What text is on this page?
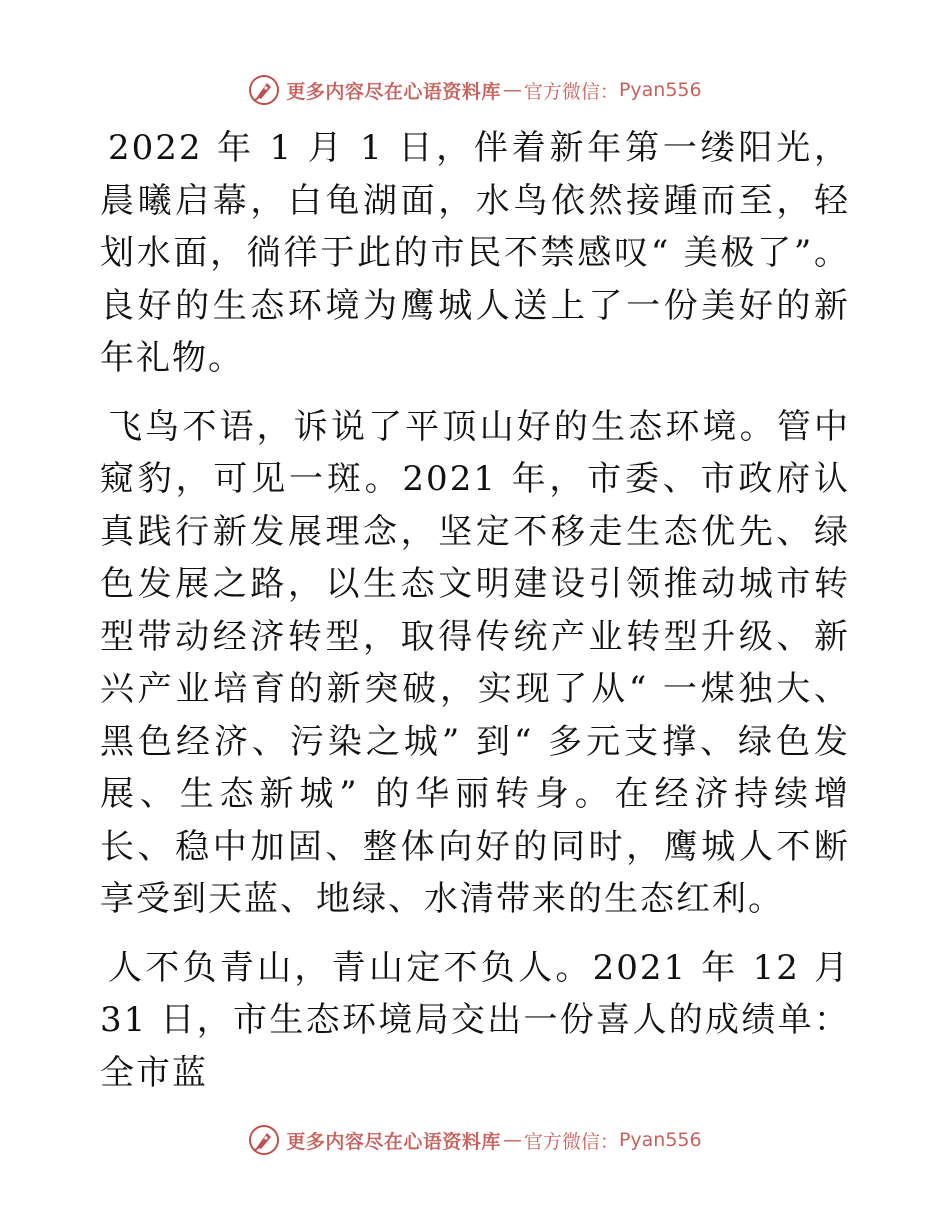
更多内容尽在心语资料库 — 官方微信： Pyan556

2022 年 1 月 1 日，伴着新年第一缕阳光，晨曦启幕，白龟湖面，水鸟依然接踵而至，轻划水面，徜徉于此的市民不禁感叹“ 美极了”。良好的生态环境为鹰城人送上了一份美好的新年礼物。

飞鸟不语，诉说了平顶山好的生态环境。管中窥豹，可见一斑。2021 年，市委、市政府认真践行新发展理念，坚定不移走生态优先、绿色发展之路，以生态文明建设引领推动城市转型带动经济转型，取得传统产业转型升级、新兴产业培育的新突破，实现了从“ 一煤独大、黑色经济、污染之城” 到“ 多元支撑、绿色发展、生态新城” 的华丽转身。在经济持续增长、稳中加固、整体向好的同时，鹰城人不断享受到天蓝、地绿、水清带来的生态红利。

人不负青山，青山定不负人。2021 年 12 月 31 日，市生态环境局交出一份喜人的成绩单：全市蓝

更多内容尽在心语资料库 — 官方微信： Pyan556
